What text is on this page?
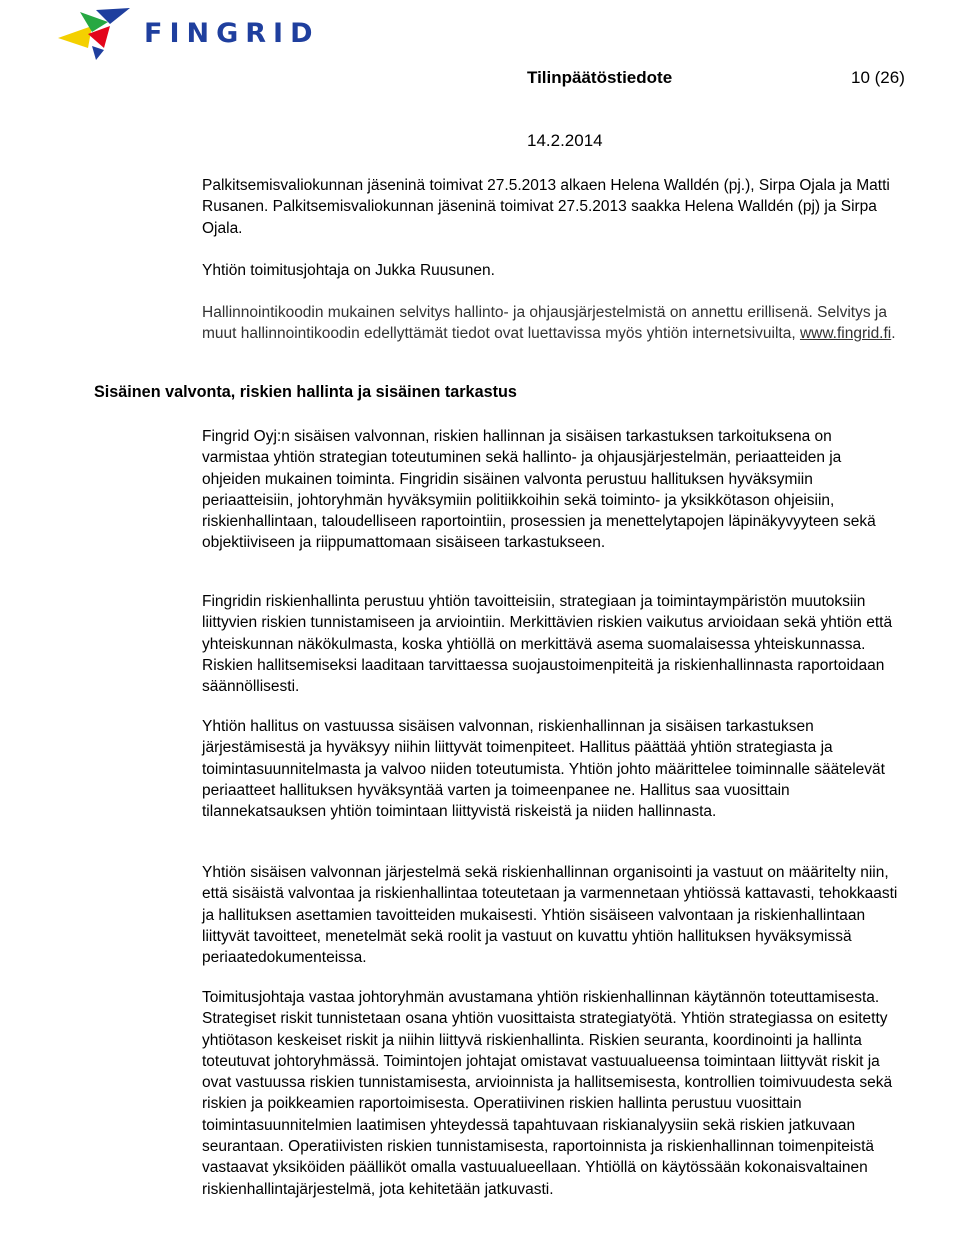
FINGRID
Tilinpäätöstiedote	10 (26)
14.2.2014

Palkitsemisvaliokunnan jäseninä toimivat 27.5.2013 alkaen Helena Walldén (pj.), Sirpa Ojala ja Matti Rusanen. Palkitsemisvaliokunnan jäseninä toimivat 27.5.2013 saakka Helena Walldén (pj) ja Sirpa Ojala.

Yhtiön toimitusjohtaja on Jukka Ruusunen.

Hallinnointikoodin mukainen selvitys hallinto- ja ohjausjärjestelmistä on annettu erillisenä. Selvitys ja muut hallinnointikoodin edellyttämät tiedot ovat luettavissa myös yhtiön internetsivuilta, www.fingrid.fi.

Sisäinen valvonta, riskien hallinta ja sisäinen tarkastus

Fingrid Oyj:n sisäisen valvonnan, riskien hallinnan ja sisäisen tarkastuksen tarkoituksena on varmistaa yhtiön strategian toteutuminen sekä hallinto- ja ohjausjärjestelmän, periaatteiden ja ohjeiden mukainen toiminta. Fingridin sisäinen valvonta perustuu hallituksen hyväksymiin periaatteisiin, johtoryhmän hyväksymiin politiikkoihin sekä toiminto- ja yksikkötason ohjeisiin, riskienhallintaan, taloudelliseen raportointiin, prosessien ja menettelytapojen läpinäkyvyyteen sekä objektiiviseen ja riippumattomaan sisäiseen tarkastukseen.

Fingridin riskienhallinta perustuu yhtiön tavoitteisiin, strategiaan ja toimintaympäristön muutoksiin liittyvien riskien tunnistamiseen ja arviointiin. Merkittävien riskien vaikutus arvioidaan sekä yhtiön että yhteiskunnan näkökulmasta, koska yhtiöllä on merkittävä asema suomalaisessa yhteiskunnassa. Riskien hallitsemiseksi laaditaan tarvittaessa suojaustoimenpiteitä ja riskienhallinnasta raportoidaan säännöllisesti.

Yhtiön hallitus on vastuussa sisäisen valvonnan, riskienhallinnan ja sisäisen tarkastuksen järjestämisestä ja hyväksyy niihin liittyvät toimenpiteet. Hallitus päättää yhtiön strategiasta ja toimintasuunnitelmasta ja valvoo niiden toteutumista. Yhtiön johto määrittelee toiminnalle säätelevät periaatteet hallituksen hyväksyntää varten ja toimeenpanee ne. Hallitus saa vuosittain tilannekatsauksen yhtiön toimintaan liittyvistä riskeistä ja niiden hallinnasta.

Yhtiön sisäisen valvonnan järjestelmä sekä riskienhallinnan organisointi ja vastuut on määritelty niin, että sisäistä valvontaa ja riskienhallintaa toteutetaan ja varmennetaan yhtiössä kattavasti, tehokkaasti ja hallituksen asettamien tavoitteiden mukaisesti. Yhtiön sisäiseen valvontaan ja riskienhallintaan liittyvät tavoitteet, menetelmät sekä roolit ja vastuut on kuvattu yhtiön hallituksen hyväksymissä periaatedokumenteissa.

Toimitusjohtaja vastaa johtoryhmän avustamana yhtiön riskienhallinnan käytännön toteuttamisesta. Strategiset riskit tunnistetaan osana yhtiön vuosittaista strategiatyötä. Yhtiön strategiassa on esitetty yhtiötason keskeiset riskit ja niihin liittyvä riskienhallinta. Riskien seuranta, koordinointi ja hallinta toteutuvat johtoryhmässä. Toimintojen johtajat omistavat vastuualueensa toimintaan liittyvät riskit ja ovat vastuussa riskien tunnistamisesta, arvioinnista ja hallitsemisesta, kontrollien toimivuudesta sekä riskien ja poikkeamien raportoimisesta. Operatiivinen riskien hallinta perustuu vuosittain toimintasuunnitelmien laatimisen yhteydessä tapahtuvaan riskianalyysiin sekä riskien jatkuvaan seurantaan. Operatiivisten riskien tunnistamisesta, raportoinnista ja riskienhallinnan toimenpiteistä vastaavat yksiköiden päälliköt omalla vastuualueellaan. Yhtiöllä on käytössään kokonaisvaltainen riskienhallintajärjestelmä, jota kehitetään jatkuvasti.
